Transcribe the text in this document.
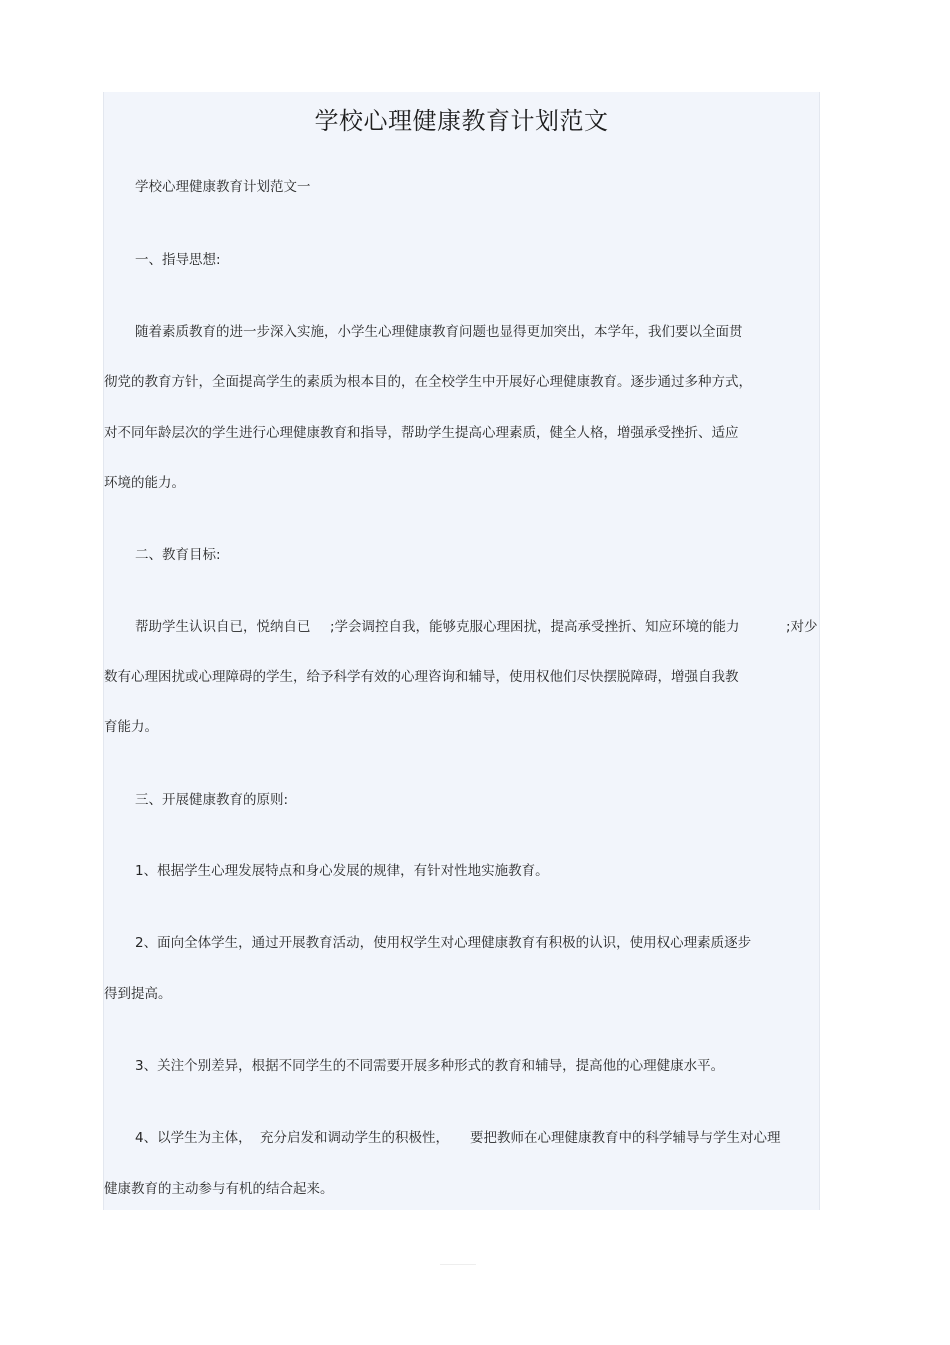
学校心理健康教育计划范文
学校心理健康教育计划范文一
一、指导思想:
随着素质教育的进一步深入实施，小学生心理健康教育问题也显得更加突出，本学年，我们要以全面贯
彻党的教育方针，全面提高学生的素质为根本目的，在全校学生中开展好心理健康教育。逐步通过多种方式，
对不同年龄层次的学生进行心理健康教育和指导，帮助学生提高心理素质，健全人格，增强承受挫折、适应
环境的能力。
二、教育目标:
帮助学生认识自已，悦纳自已 ;学会调控自我，能够克服心理困扰，提高承受挫折、知应环境的能力	;对少
数有心理困扰或心理障碍的学生，给予科学有效的心理咨询和辅导，使用权他们尽快摆脱障碍，增强自我教
育能力。
三、开展健康教育的原则:
1、根据学生心理发展特点和身心发展的规律，有针对性地实施教育。
2、面向全体学生，通过开展教育活动，使用权学生对心理健康教育有积极的认识，使用权心理素质逐步
得到提高。
3、关注个别差异，根据不同学生的不同需要开展多种形式的教育和辅导，提高他的心理健康水平。
4、以学生为主体， 充分启发和调动学生的积极性， 要把教师在心理健康教育中的科学辅导与学生对心理
健康教育的主动参与有机的结合起来。
